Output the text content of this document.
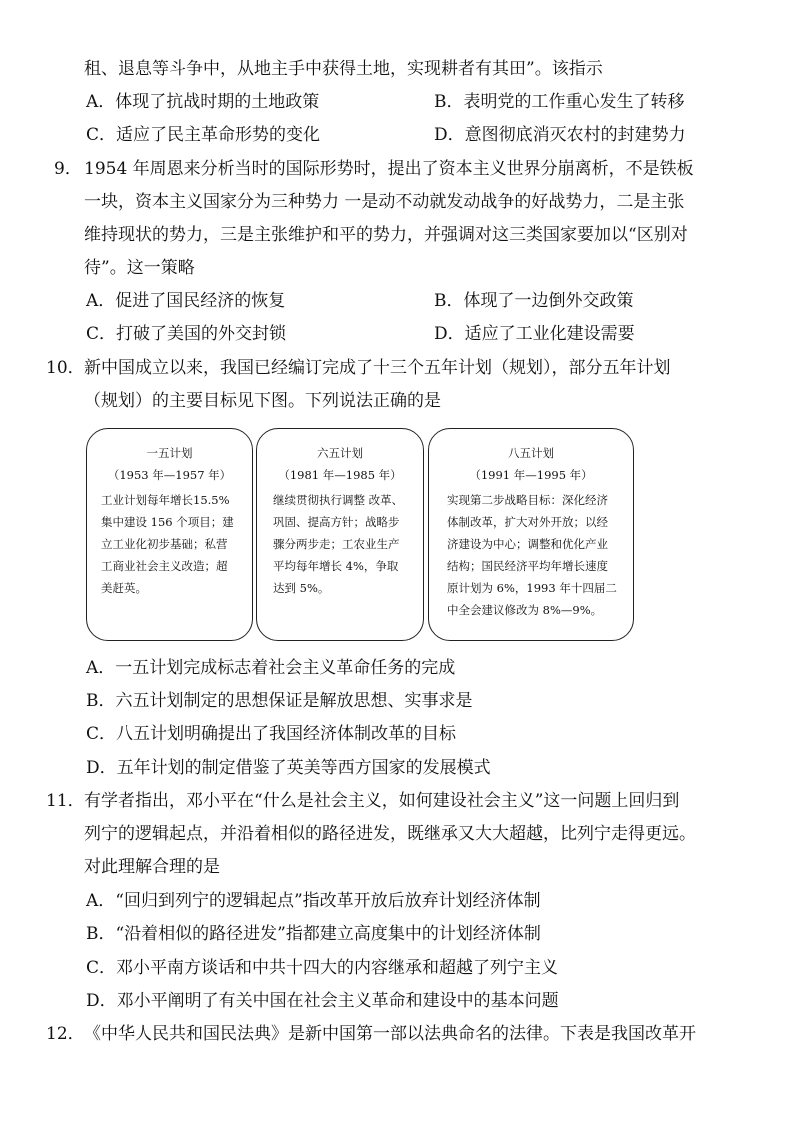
租、退息等斗争中，从地主手中获得土地，实现耕者有其田”。该指示
A．体现了抗战时期的土地政策	B．表明党的工作重心发生了转移
C．适应了民主革命形势的变化	D．意图彻底消灭农村的封建势力
9． 1954 年周恩来分析当时的国际形势时，提出了资本主义世界分崩离析，不是铁板
一块，资本主义国家分为三种势力 一是动不动就发动战争的好战势力，二是主张
维持现状的势力，三是主张维护和平的势力，并强调对这三类国家要加以“区别对
待”。这一策略
A．促进了国民经济的恢复	B．体现了一边倒外交政策
C．打破了美国的外交封锁	D．适应了工业化建设需要
10． 新中国成立以来，我国已经编订完成了十三个五年计划（规划），部分五年计划
（规划）的主要目标见下图。下列说法正确的是
一五计划
（1953 年—1957 年）
工业计划每年增长15.5%
集中建设 156 个项目；建
立工业化初步基础；私营
工商业社会主义改造；超
美赶英。
六五计划
（1981 年—1985 年）
继续贯彻执行调整 改革、
巩固、提高方针；战略步
骤分两步走；工农业生产
平均每年增长 4%，争取
达到 5%。
八五计划
（1991 年—1995 年）
实现第二步战略目标：深化经济
体制改革，扩大对外开放；以经
济建设为中心；调整和优化产业
结构；国民经济平均年增长速度
原计划为 6%，1993 年十四届二
中全会建议修改为 8%—9%。
A．一五计划完成标志着社会主义革命任务的完成
B．六五计划制定的思想保证是解放思想、实事求是
C．八五计划明确提出了我国经济体制改革的目标
D．五年计划的制定借鉴了英美等西方国家的发展模式
11． 有学者指出，邓小平在“什么是社会主义，如何建设社会主义”这一问题上回归到
列宁的逻辑起点，并沿着相似的路径进发，既继承又大大超越，比列宁走得更远。
对此理解合理的是
A．“回归到列宁的逻辑起点”指改革开放后放弃计划经济体制
B．“沿着相似的路径进发”指都建立高度集中的计划经济体制
C．邓小平南方谈话和中共十四大的内容继承和超越了列宁主义
D．邓小平阐明了有关中国在社会主义革命和建设中的基本问题
12． 《中华人民共和国民法典》是新中国第一部以法典命名的法律。下表是我国改革开
